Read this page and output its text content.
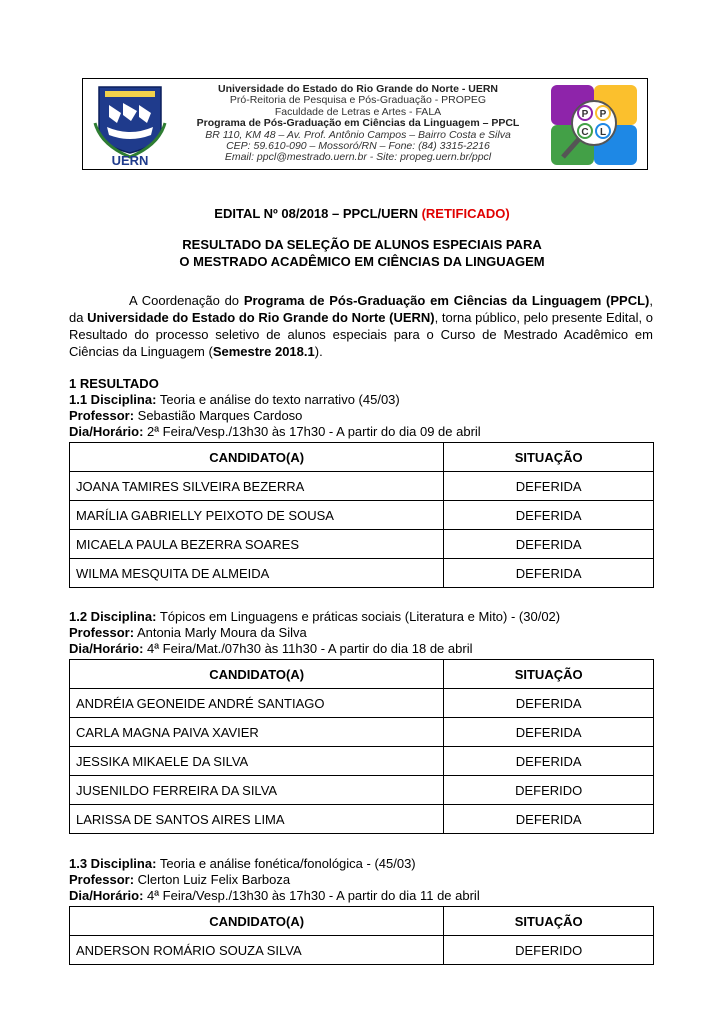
UERN
Universidade do Estado do Rio Grande do Norte - UERN
Pró-Reitoria de Pesquisa e Pós-Graduação - PROPEG
Faculdade de Letras e Artes - FALA
Programa de Pós-Graduação em Ciências da Linguagem – PPCL
BR 110, KM 48 – Av. Prof. Antônio Campos – Bairro Costa e Silva
CEP: 59.610-090 – Mossoró/RN – Fone: (84) 3315-2216
Email: ppcl@mestrado.uern.br - Site: propeg.uern.br/ppcl
P P
C L
EDITAL Nº 08/2018 – PPCL/UERN (RETIFICADO)
RESULTADO DA SELEÇÃO DE ALUNOS ESPECIAIS PARA
O MESTRADO ACADÊMICO EM CIÊNCIAS DA LINGUAGEM
A Coordenação do Programa de Pós-Graduação em Ciências da Linguagem (PPCL), da Universidade do Estado do Rio Grande do Norte (UERN), torna público, pelo presente Edital, o Resultado do processo seletivo de alunos especiais para o Curso de Mestrado Acadêmico em Ciências da Linguagem (Semestre 2018.1).
1 RESULTADO
1.1 Disciplina: Teoria e análise do texto narrativo (45/03)
Professor: Sebastião Marques Cardoso
Dia/Horário: 2ª Feira/Vesp./13h30 às 17h30 - A partir do dia 09 de abril
CANDIDATO(A)	SITUAÇÃO
JOANA TAMIRES SILVEIRA BEZERRA	DEFERIDA
MARÍLIA GABRIELLY PEIXOTO DE SOUSA	DEFERIDA
MICAELA PAULA BEZERRA SOARES	DEFERIDA
WILMA MESQUITA DE ALMEIDA	DEFERIDA
1.2 Disciplina: Tópicos em Linguagens e práticas sociais (Literatura e Mito) - (30/02)
Professor: Antonia Marly Moura da Silva
Dia/Horário: 4ª Feira/Mat./07h30 às 11h30 - A partir do dia 18 de abril
CANDIDATO(A)	SITUAÇÃO
ANDRÉIA GEONEIDE ANDRÉ SANTIAGO	DEFERIDA
CARLA MAGNA PAIVA XAVIER	DEFERIDA
JESSIKA MIKAELE DA SILVA	DEFERIDA
JUSENILDO FERREIRA DA SILVA	DEFERIDO
LARISSA DE SANTOS AIRES LIMA	DEFERIDA
1.3 Disciplina: Teoria e análise fonética/fonológica - (45/03)
Professor: Clerton Luiz Felix Barboza
Dia/Horário: 4ª Feira/Vesp./13h30 às 17h30 - A partir do dia 11 de abril
CANDIDATO(A)	SITUAÇÃO
ANDERSON ROMÁRIO SOUZA SILVA	DEFERIDO
